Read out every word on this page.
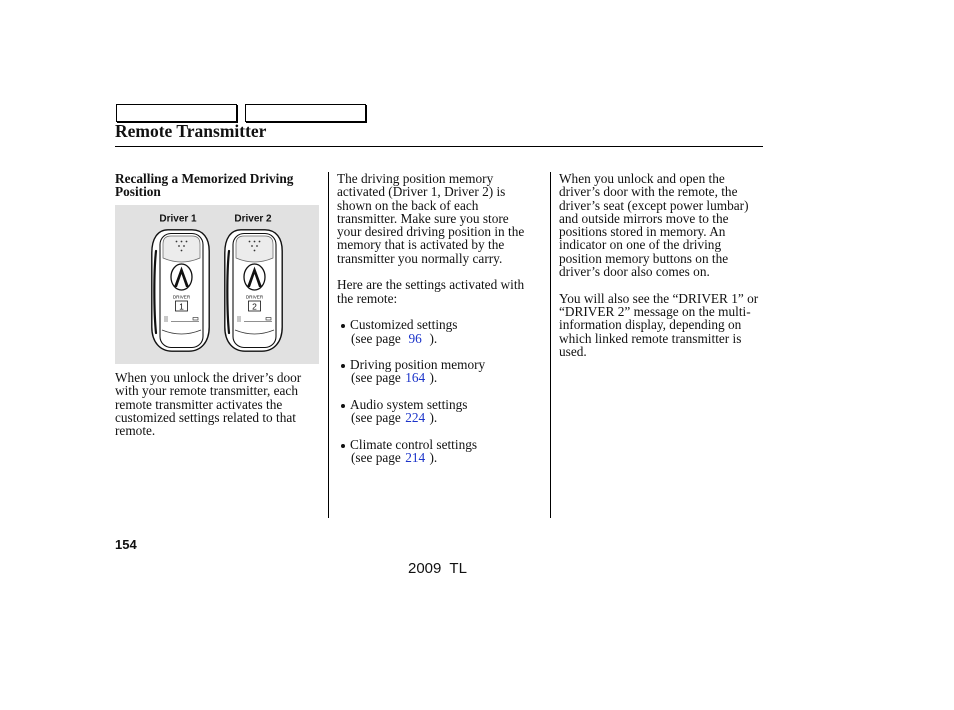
Remote Transmitter
Recalling a Memorized Driving
Position
Driver 1	Driver 2
DRIVER
1
DRIVER
2
When you unlock the driver’s door
with your remote transmitter, each
remote transmitter activates the
customized settings related to that
remote.
The driving position memory
activated (Driver 1, Driver 2) is
shown on the back of each
transmitter. Make sure you store
your desired driving position in the
memory that is activated by the
transmitter you normally carry.
Here are the settings activated with
the remote:
Customized settings
(see page 96 ).
Driving position memory
(see page 164 ).
Audio system settings
(see page 224 ).
Climate control settings
(see page 214 ).
When you unlock and open the
driver’s door with the remote, the
driver’s seat (except power lumbar)
and outside mirrors move to the
positions stored in memory. An
indicator on one of the driving
position memory buttons on the
driver’s door also comes on.
You will also see the “DRIVER 1” or
“DRIVER 2” message on the multi-
information display, depending on
which linked remote transmitter is
used.
154
2009  TL
